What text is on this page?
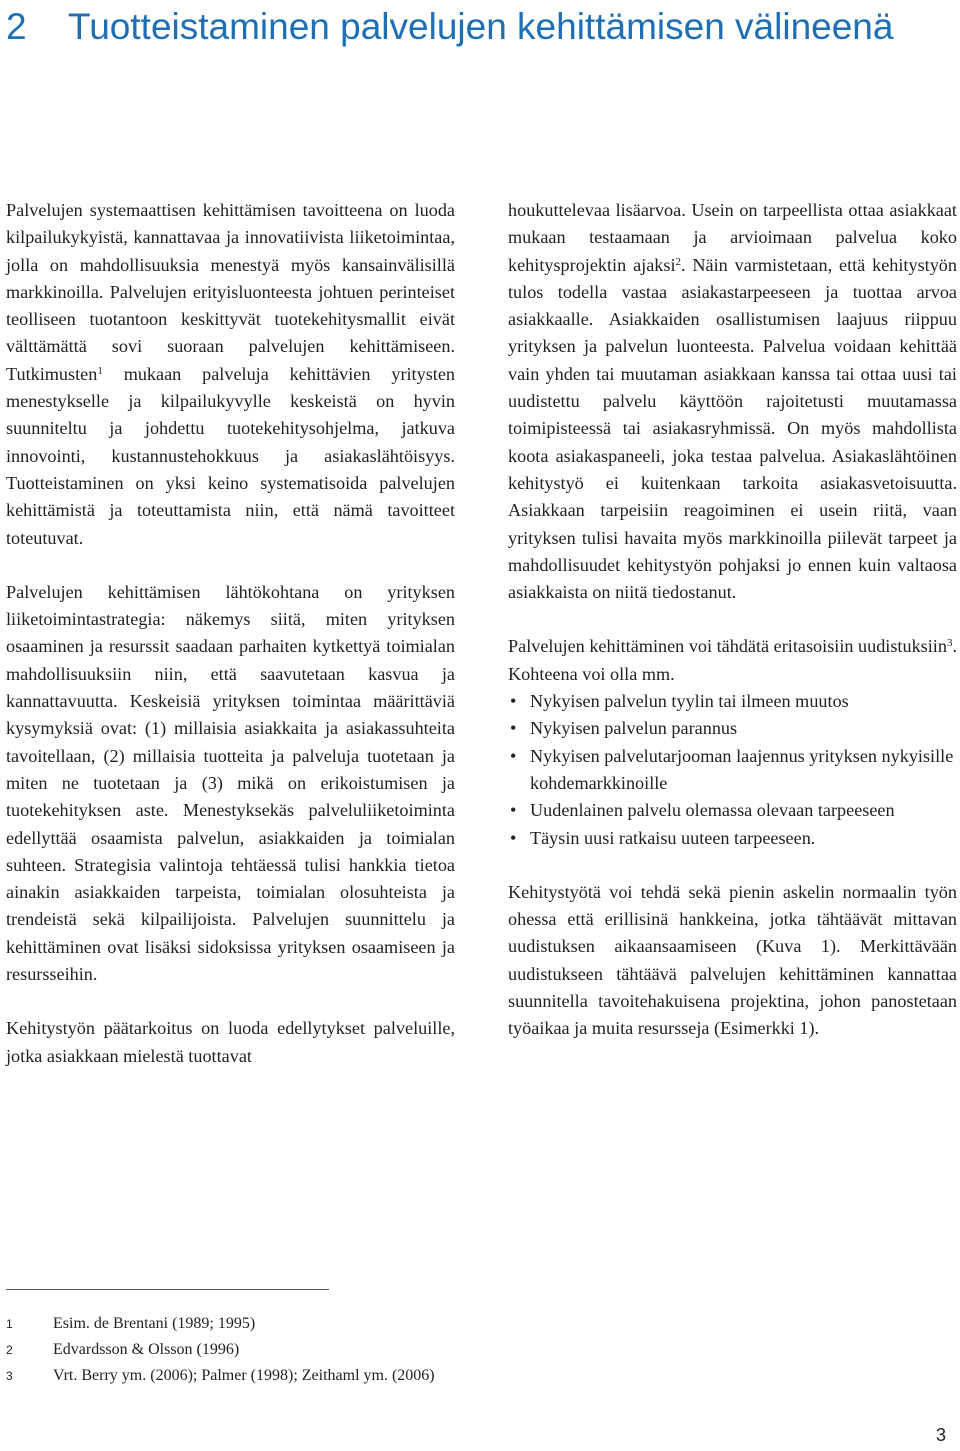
2 Tuotteistaminen palvelujen kehittämisen välineenä

Palvelujen systemaattisen kehittämisen tavoitteena on luoda kilpailukykyistä, kannattavaa ja innovatiivista liiketoimintaa, jolla on mahdollisuuksia menestyä myös kansainvälisillä markkinoilla. Palvelujen erityisluonteesta johtuen perinteiset teolliseen tuotantoon keskittyvät tuotekehitysmallit eivät välttämättä sovi suoraan palvelujen kehittämiseen. Tutkimusten$^1$ mukaan palveluja kehittävien yritysten menestykselle ja kilpailukyvylle keskeistä on hyvin suunniteltu ja johdettu tuotekehitysohjelma, jatkuva innovointi, kustannustehokkuus ja asiakaslähtöisyys. Tuotteistaminen on yksi keino systematisoida palvelujen kehittämistä ja toteuttamista niin, että nämä tavoitteet toteutuvat.

Palvelujen kehittämisen lähtökohtana on yrityksen liiketoimintastrategia: näkemys siitä, miten yrityksen osaaminen ja resurssit saadaan parhaiten kytkettyä toimialan mahdollisuuksiin niin, että saavutetaan kasvua ja kannattavuutta. Keskeisiä yrityksen toimintaa määrittäviä kysymyksiä ovat: (1) millaisia asiakkaita ja asiakassuhteita tavoitellaan, (2) millaisia tuotteita ja palveluja tuotetaan ja miten ne tuotetaan ja (3) mikä on erikoistumisen ja tuotekehityksen aste. Menestyksekäs palveluliiketoiminta edellyttää osaamista palvelun, asiakkaiden ja toimialan suhteen. Strategisia valintoja tehtäessä tulisi hankkia tietoa ainakin asiakkaiden tarpeista, toimialan olosuhteista ja trendeistä sekä kilpailijoista. Palvelujen suunnittelu ja kehittäminen ovat lisäksi sidoksissa yrityksen osaamiseen ja resursseihin.

Kehitystyön päätarkoitus on luoda edellytykset palveluille, jotka asiakkaan mielestä tuottavat

houkuttelevaa lisäarvoa. Usein on tarpeellista ottaa asiakkaat mukaan testaamaan ja arvioimaan palvelua koko kehitysprojektin ajaksi$^2$. Näin varmistetaan, että kehitystyön tulos todella vastaa asiakastarpeeseen ja tuottaa arvoa asiakkaalle. Asiakkaiden osallistumisen laajuus riippuu yrityksen ja palvelun luonteesta. Palvelua voidaan kehittää vain yhden tai muutaman asiakkaan kanssa tai ottaa uusi tai uudistettu palvelu käyttöön rajoitetusti muutamassa toimipisteessä tai asiakasryhmissä. On myös mahdollista koota asiakaspaneeli, joka testaa palvelua. Asiakaslähtöinen kehitystyö ei kuitenkaan tarkoita asiakasvetoisuutta. Asiakkaan tarpeisiin reagoiminen ei usein riitä, vaan yrityksen tulisi havaita myös markkinoilla piilevät tarpeet ja mahdollisuudet kehitystyön pohjaksi jo ennen kuin valtaosa asiakkaista on niitä tiedostanut.

Palvelujen kehittäminen voi tähdätä eritasoisiin uudistuksiin$^3$. Kohteena voi olla mm.

• Nykyisen palvelun tyylin tai ilmeen muutos
• Nykyisen palvelun parannus
• Nykyisen palvelutarjooman laajennus yrityksen nykyisille kohdemarkkinoille
• Uudenlainen palvelu olemassa olevaan tarpeeseen
• Täysin uusi ratkaisu uuteen tarpeeseen.

Kehitystyötä voi tehdä sekä pienin askelin normaalin työn ohessa että erillisinä hankkeina, jotka tähtäävät mittavan uudistuksen aikaansaamiseen (Kuva 1). Merkittävään uudistukseen tähtäävä palvelujen kehittäminen kannattaa suunnitella tavoitehakuisena projektina, johon panostetaan työaikaa ja muita resursseja (Esimerkki 1).

1	Esim. de Brentani (1989; 1995)
2	Edvardsson & Olsson (1996)
3	Vrt. Berry ym. (2006); Palmer (1998); Zeithaml ym. (2006)
3
